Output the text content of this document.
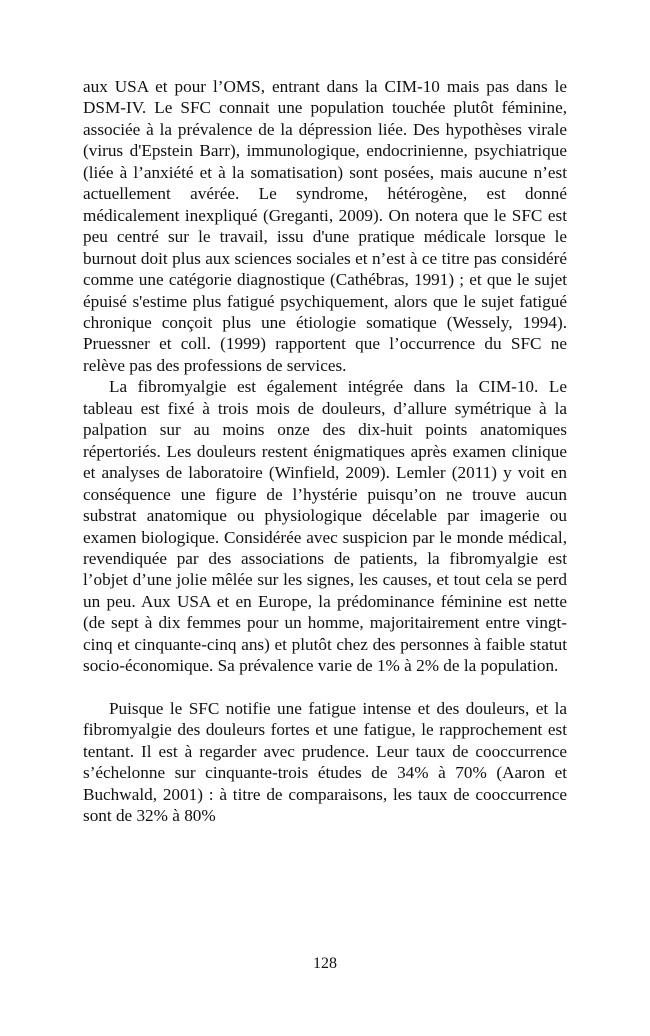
aux USA et pour l’OMS, entrant dans la CIM-10 mais pas dans le DSM-IV. Le SFC connait une population touchée plutôt féminine, associée à la prévalence de la dépression liée. Des hypothèses virale (virus d'Epstein Barr), immunologique, endocrinienne, psychiatrique (liée à l’anxiété et à la somatisation) sont posées, mais aucune n’est actuellement avérée. Le syndrome, hétérogène, est donné médicalement inexpliqué (Greganti, 2009). On notera que le SFC est peu centré sur le travail, issu d'une pratique médicale lorsque le burnout doit plus aux sciences sociales et n’est à ce titre pas considéré comme une catégorie diagnostique (Cathébras, 1991) ; et que le sujet épuisé s'estime plus fatigué psychiquement, alors que le sujet fatigué chronique conçoit plus une étiologie somatique (Wessely, 1994). Pruessner et coll. (1999) rapportent que l’occurrence du SFC ne relève pas des professions de services.

La fibromyalgie est également intégrée dans la CIM-10. Le tableau est fixé à trois mois de douleurs, d’allure symétrique à la palpation sur au moins onze des dix-huit points anatomiques répertoriés. Les douleurs restent énigmatiques après examen clinique et analyses de laboratoire (Winfield, 2009). Lemler (2011) y voit en conséquence une figure de l’hystérie puisqu’on ne trouve aucun substrat anatomique ou physiologique décelable par imagerie ou examen biologique. Considérée avec suspicion par le monde médical, revendiquée par des associations de patients, la fibromyalgie est l’objet d’une jolie mêlée sur les signes, les causes, et tout cela se perd un peu. Aux USA et en Europe, la prédominance féminine est nette (de sept à dix femmes pour un homme, majoritairement entre vingt-cinq et cinquante-cinq ans) et plutôt chez des personnes à faible statut socio-économique. Sa prévalence varie de 1% à 2% de la population.

Puisque le SFC notifie une fatigue intense et des douleurs, et la fibromyalgie des douleurs fortes et une fatigue, le rapprochement est tentant. Il est à regarder avec prudence. Leur taux de cooccurrence s’échelonne sur cinquante-trois études de 34% à 70% (Aaron et Buchwald, 2001) : à titre de comparaisons, les taux de cooccurrence sont de 32% à 80%

128
